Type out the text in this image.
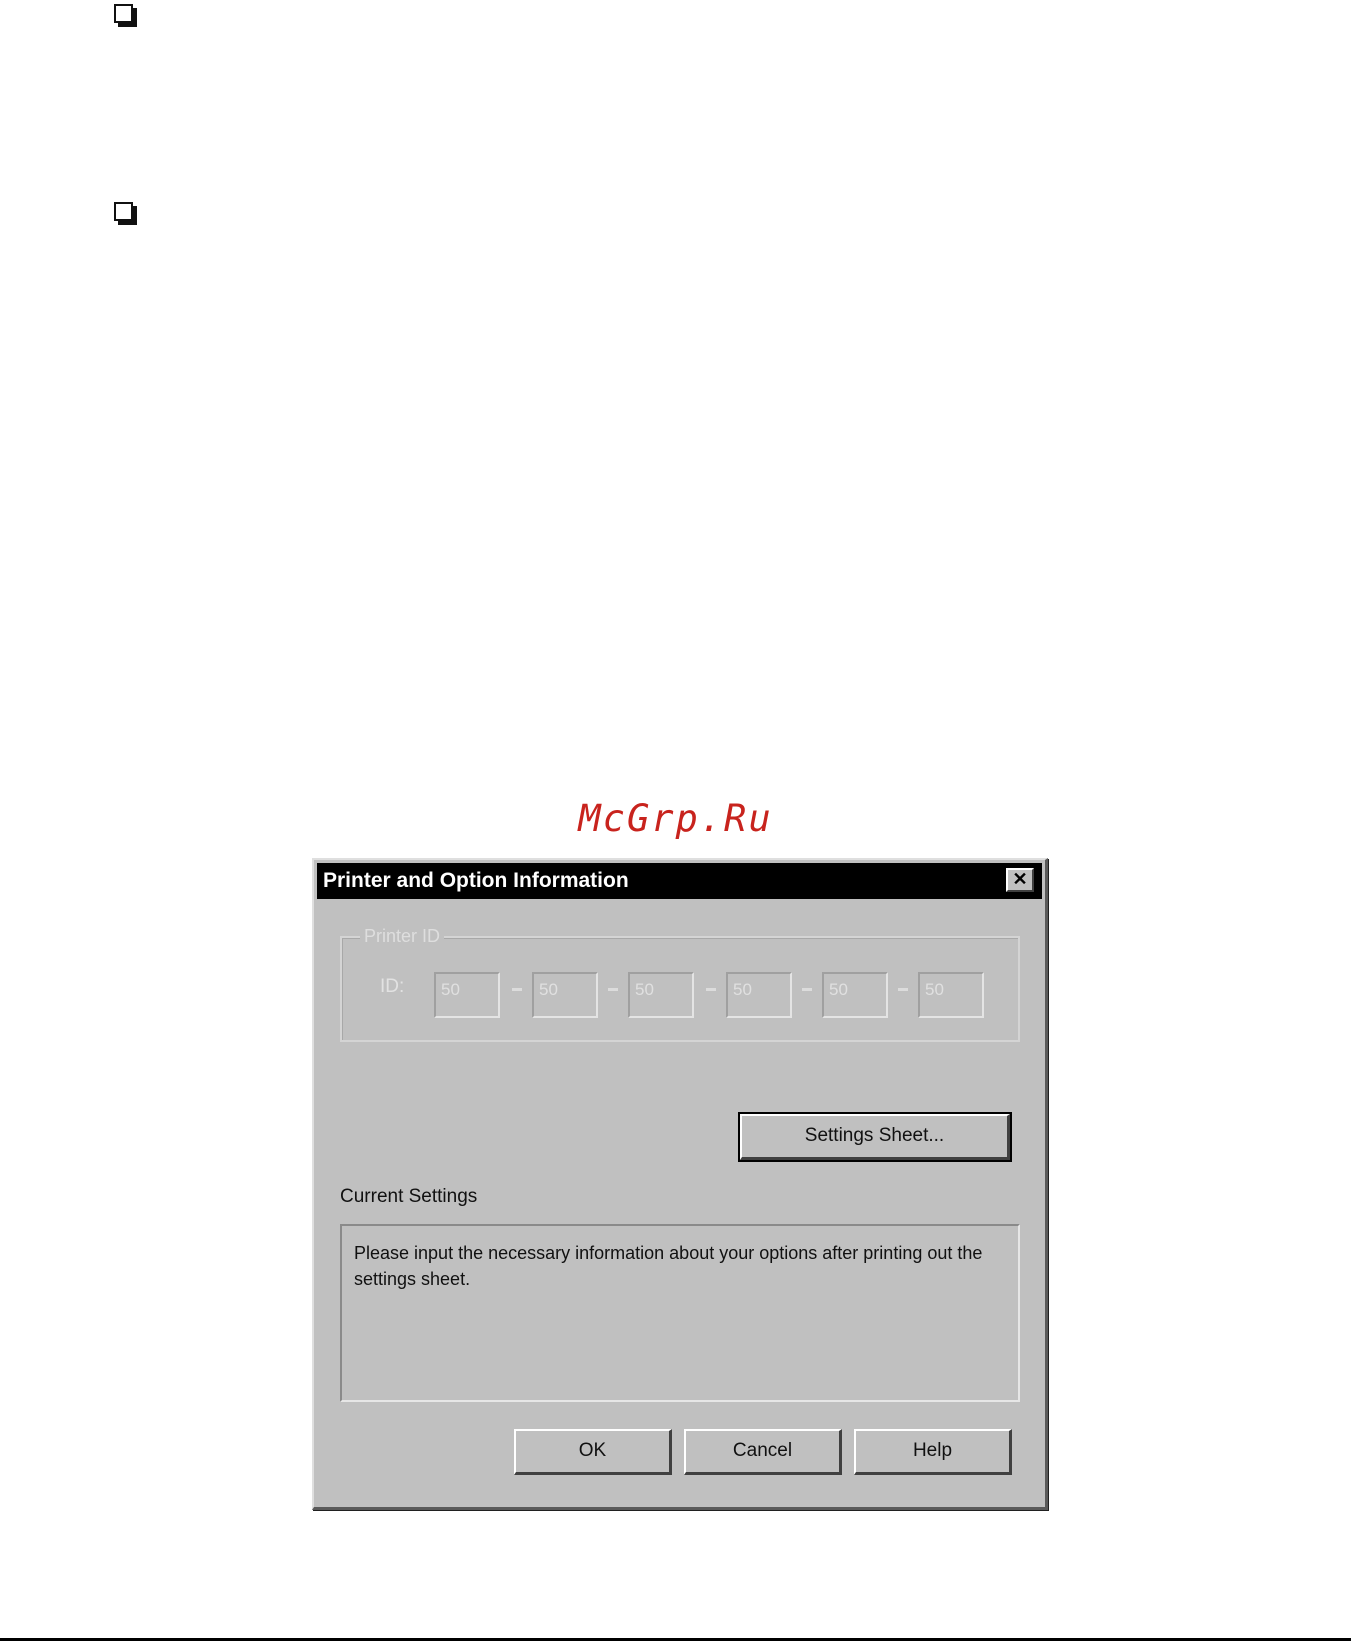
McGrp.Ru
Printer and Option Information	✕
Printer ID
ID:	50	50	50	50	50	50
Settings Sheet...
Current Settings
Please input the necessary information about your options after printing out the settings sheet.
OK	Cancel	Help
